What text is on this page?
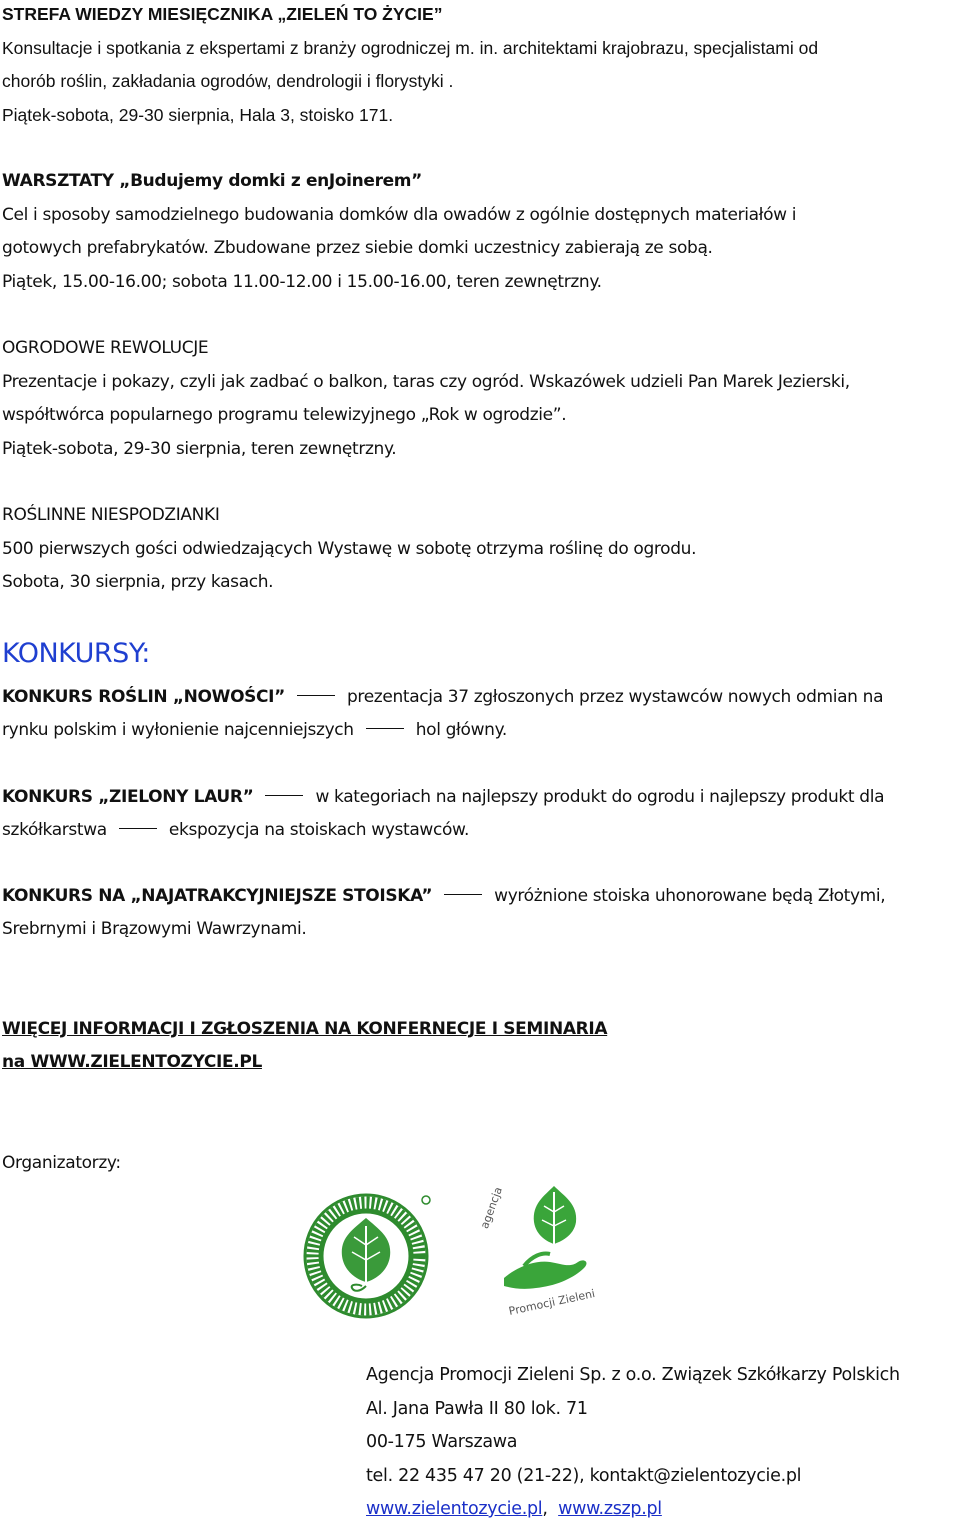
STREFA WIEDZY MIESIĘCZNIKA „ZIELEŃ TO ŻYCIE”
Konsultacje i spotkania z ekspertami z branży ogrodniczej m. in. architektami krajobrazu, specjalistami od
chorób roślin, zakładania ogrodów, dendrologii i florystyki .
Piątek-sobota, 29-30 sierpnia, Hala 3, stoisko 171.
WARSZTATY „Budujemy domki z enJoinerem”
Cel i sposoby samodzielnego budowania domków dla owadów z ogólnie dostępnych materiałów i
gotowych prefabrykatów. Zbudowane przez siebie domki uczestnicy zabierają ze sobą.
Piątek, 15.00-16.00; sobota 11.00-12.00 i 15.00-16.00, teren zewnętrzny.
OGRODOWE REWOLUCJE
Prezentacje i pokazy, czyli jak zadbać o balkon, taras czy ogród. Wskazówek udzieli Pan Marek Jezierski,
współtwórca popularnego programu telewizyjnego „Rok w ogrodzie”.
Piątek-sobota, 29-30 sierpnia, teren zewnętrzny.
ROŚLINNE NIESPODZIANKI
500 pierwszych gości odwiedzających Wystawę w sobotę otrzyma roślinę do ogrodu.
Sobota, 30 sierpnia, przy kasach.
KONKURSY:
KONKURS ROŚLIN „NOWOŚCI”	prezentacja 37 zgłoszonych przez wystawców nowych odmian na
rynku polskim i wyłonienie najcenniejszych	hol główny.
KONKURS „ZIELONY LAUR”	w kategoriach na najlepszy produkt do ogrodu i najlepszy produkt dla
szkółkarstwa	ekspozycja na stoiskach wystawców.
KONKURS NA „NAJATRAKCYJNIEJSZE STOISKA”	wyróżnione stoiska uhonorowane będą Złotymi,
Srebrnymi i Brązowymi Wawrzynami.
WIĘCEJ INFORMACJI I ZGŁOSZENIA NA KONFERNECJE I SEMINARIA
na WWW.ZIELENTOZYCIE.PL
Organizatorzy:
agencja
Promocji Zieleni
Agencja Promocji Zieleni Sp. z o.o. Związek Szkółkarzy Polskich
Al. Jana Pawła II 80 lok. 71
00-175 Warszawa
tel. 22 435 47 20 (21-22), kontakt@zielentozycie.pl
www.zielentozycie.pl, www.zszp.pl
